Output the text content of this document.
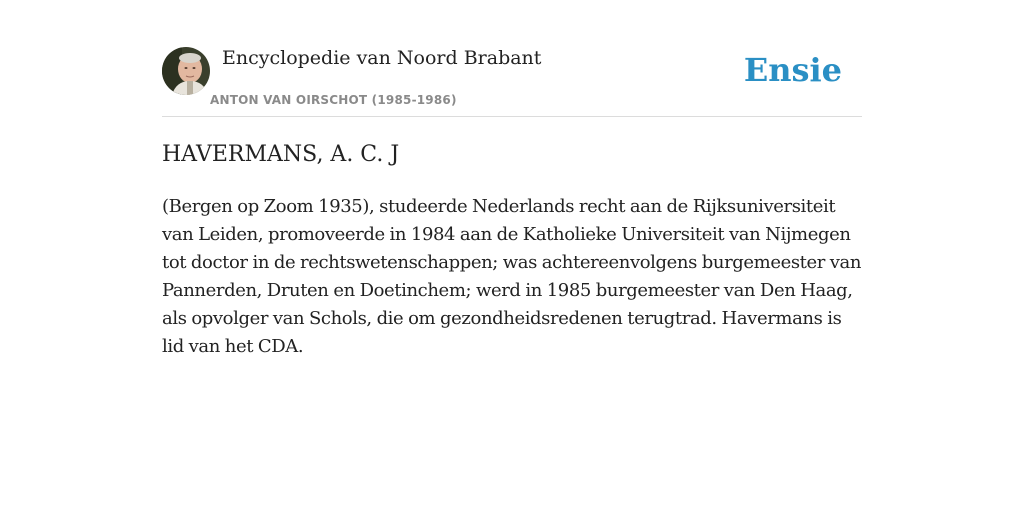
Encyclopedie van Noord Brabant
ANTON VAN OIRSCHOT (1985-1986)
Ensie
HAVERMANS, A. C. J

(Bergen op Zoom 1935), studeerde Nederlands recht aan de Rijksuniversiteit van Leiden, promoveerde in 1984 aan de Katholieke Universiteit van Nijmegen tot doctor in de rechtswetenschappen; was achtereenvolgens burgemeester van Pannerden, Druten en Doetinchem; werd in 1985 burgemeester van Den Haag, als opvolger van Schols, die om gezondheidsredenen terugtrad. Havermans is lid van het CDA.
